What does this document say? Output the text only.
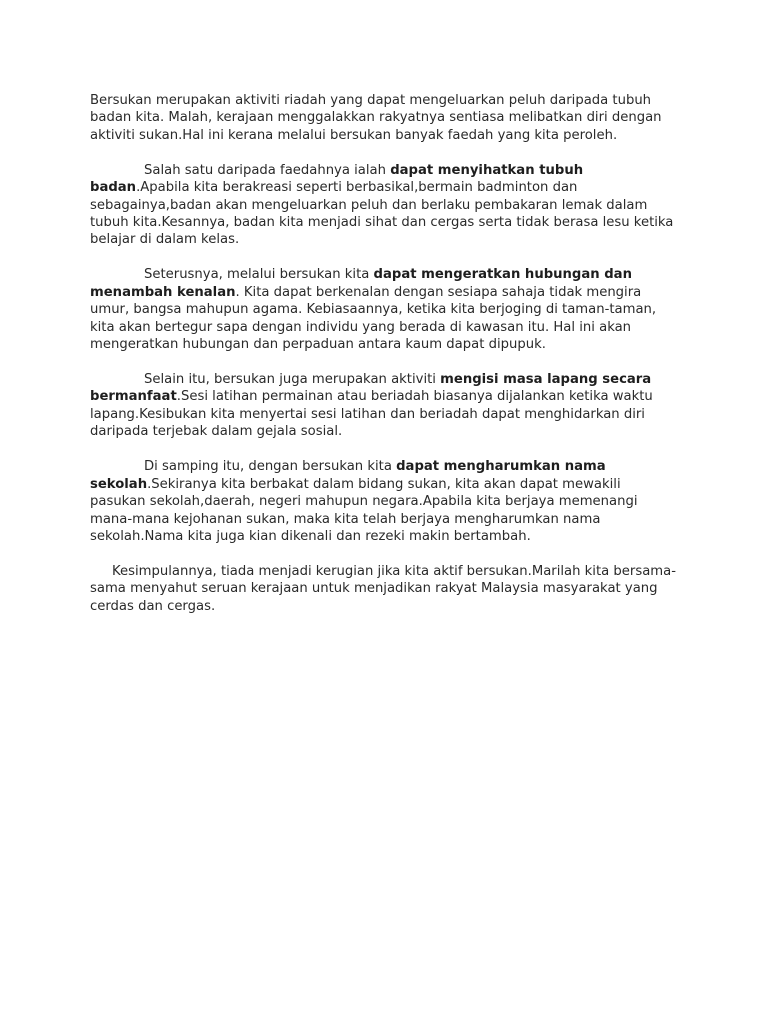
Bersukan merupakan aktiviti riadah yang dapat mengeluarkan peluh daripada tubuh badan kita. Malah, kerajaan menggalakkan rakyatnya sentiasa melibatkan diri dengan aktiviti sukan.Hal ini kerana melalui bersukan banyak faedah yang kita peroleh.

Salah satu daripada faedahnya ialah dapat menyihatkan tubuh badan.Apabila kita berakreasi seperti berbasikal,bermain badminton dan sebagainya,badan akan mengeluarkan peluh dan berlaku pembakaran lemak dalam tubuh kita.Kesannya, badan kita menjadi sihat dan cergas serta tidak berasa lesu ketika belajar di dalam kelas.

Seterusnya, melalui bersukan kita dapat mengeratkan hubungan dan menambah kenalan. Kita dapat berkenalan dengan sesiapa sahaja tidak mengira umur, bangsa mahupun agama. Kebiasaannya, ketika kita berjoging di taman-taman, kita akan bertegur sapa dengan individu yang berada di kawasan itu. Hal ini akan mengeratkan hubungan dan perpaduan antara kaum dapat dipupuk.

Selain itu, bersukan juga merupakan aktiviti mengisi masa lapang secara bermanfaat.Sesi latihan permainan atau beriadah biasanya dijalankan ketika waktu lapang.Kesibukan kita menyertai sesi latihan dan beriadah dapat menghidarkan diri daripada terjebak dalam gejala sosial.

Di samping itu, dengan bersukan kita dapat mengharumkan nama sekolah.Sekiranya kita berbakat dalam bidang sukan, kita akan dapat mewakili pasukan sekolah,daerah, negeri mahupun negara.Apabila kita berjaya memenangi mana-mana kejohanan sukan, maka kita telah berjaya mengharumkan nama sekolah.Nama kita juga kian dikenali dan rezeki makin bertambah.

Kesimpulannya, tiada menjadi kerugian jika kita aktif bersukan.Marilah kita bersama-sama menyahut seruan kerajaan untuk menjadikan rakyat Malaysia masyarakat yang cerdas dan cergas.
